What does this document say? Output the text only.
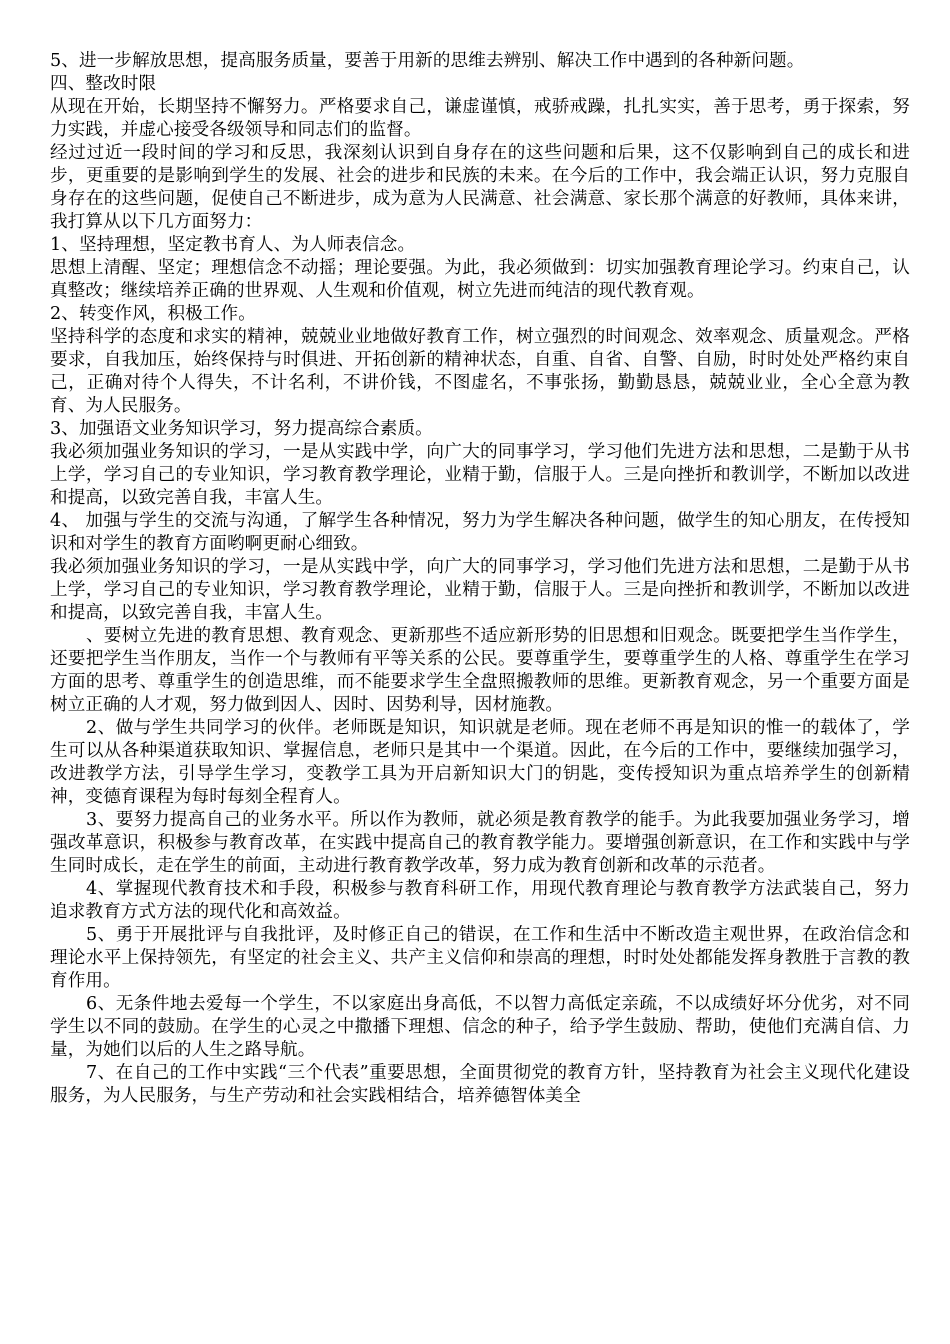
5、进一步解放思想，提高服务质量，要善于用新的思维去辨别、解决工作中遇到的各种新问题。

四、整改时限

从现在开始，长期坚持不懈努力。严格要求自己，谦虚谨慎，戒骄戒躁，扎扎实实，善于思考，勇于探索，努力实践，并虚心接受各级领导和同志们的监督。

经过过近一段时间的学习和反思，我深刻认识到自身存在的这些问题和后果，这不仅影响到自己的成长和进步，更重要的是影响到学生的发展、社会的进步和民族的未来。在今后的工作中，我会端正认识，努力克服自身存在的这些问题，促使自己不断进步，成为意为人民满意、社会满意、家长那个满意的好教师，具体来讲，我打算从以下几方面努力：

1、坚持理想，坚定教书育人、为人师表信念。

思想上清醒、坚定；理想信念不动摇；理论要强。为此，我必须做到：切实加强教育理论学习。约束自己，认真整改；继续培养正确的世界观、人生观和价值观，树立先进而纯洁的现代教育观。

2、转变作风，积极工作。

坚持科学的态度和求实的精神，兢兢业业地做好教育工作，树立强烈的时间观念、效率观念、质量观念。严格要求，自我加压，始终保持与时俱进、开拓创新的精神状态，自重、自省、自警、自励，时时处处严格约束自己，正确对待个人得失，不计名利，不讲价钱，不图虚名，不事张扬，勤勤恳恳，兢兢业业，全心全意为教育、为人民服务。

3、加强语文业务知识学习，努力提高综合素质。

我必须加强业务知识的学习，一是从实践中学，向广大的同事学习，学习他们先进方法和思想，二是勤于从书上学，学习自己的专业知识，学习教育教学理论，业精于勤，信服于人。三是向挫折和教训学，不断加以改进和提高，以致完善自我，丰富人生。

4、 加强与学生的交流与沟通，了解学生各种情况，努力为学生解决各种问题，做学生的知心朋友，在传授知识和对学生的教育方面哟啊更耐心细致。

我必须加强业务知识的学习，一是从实践中学，向广大的同事学习，学习他们先进方法和思想，二是勤于从书上学，学习自己的专业知识，学习教育教学理论，业精于勤，信服于人。三是向挫折和教训学，不断加以改进和提高，以致完善自我，丰富人生。

、要树立先进的教育思想、教育观念、更新那些不适应新形势的旧思想和旧观念。既要把学生当作学生，还要把学生当作朋友，当作一个与教师有平等关系的公民。要尊重学生，要尊重学生的人格、尊重学生在学习方面的思考、尊重学生的创造思维，而不能要求学生全盘照搬教师的思维。更新教育观念，另一个重要方面是树立正确的人才观，努力做到因人、因时、因势利导，因材施教。

2、做与学生共同学习的伙伴。老师既是知识，知识就是老师。现在老师不再是知识的惟一的载体了，学生可以从各种渠道获取知识、掌握信息，老师只是其中一个渠道。因此，在今后的工作中，要继续加强学习，改进教学方法，引导学生学习，变教学工具为开启新知识大门的钥匙，变传授知识为重点培养学生的创新精神，变德育课程为每时每刻全程育人。

3、要努力提高自己的业务水平。所以作为教师，就必须是教育教学的能手。为此我要加强业务学习，增强改革意识，积极参与教育改革，在实践中提高自己的教育教学能力。要增强创新意识，在工作和实践中与学生同时成长，走在学生的前面，主动进行教育教学改革，努力成为教育创新和改革的示范者。

4、掌握现代教育技术和手段，积极参与教育科研工作，用现代教育理论与教育教学方法武装自己，努力追求教育方式方法的现代化和高效益。

5、勇于开展批评与自我批评，及时修正自己的错误，在工作和生活中不断改造主观世界，在政治信念和理论水平上保持领先，有坚定的社会主义、共产主义信仰和崇高的理想，时时处处都能发挥身教胜于言教的教育作用。

6、无条件地去爱每一个学生，不以家庭出身高低，不以智力高低定亲疏，不以成绩好坏分优劣，对不同学生以不同的鼓励。在学生的心灵之中撒播下理想、信念的种子，给予学生鼓励、帮助，使他们充满自信、力量，为她们以后的人生之路导航。

7、在自己的工作中实践“三个代表”重要思想，全面贯彻党的教育方针，坚持教育为社会主义现代化建设服务，为人民服务，与生产劳动和社会实践相结合，培养德智体美全
